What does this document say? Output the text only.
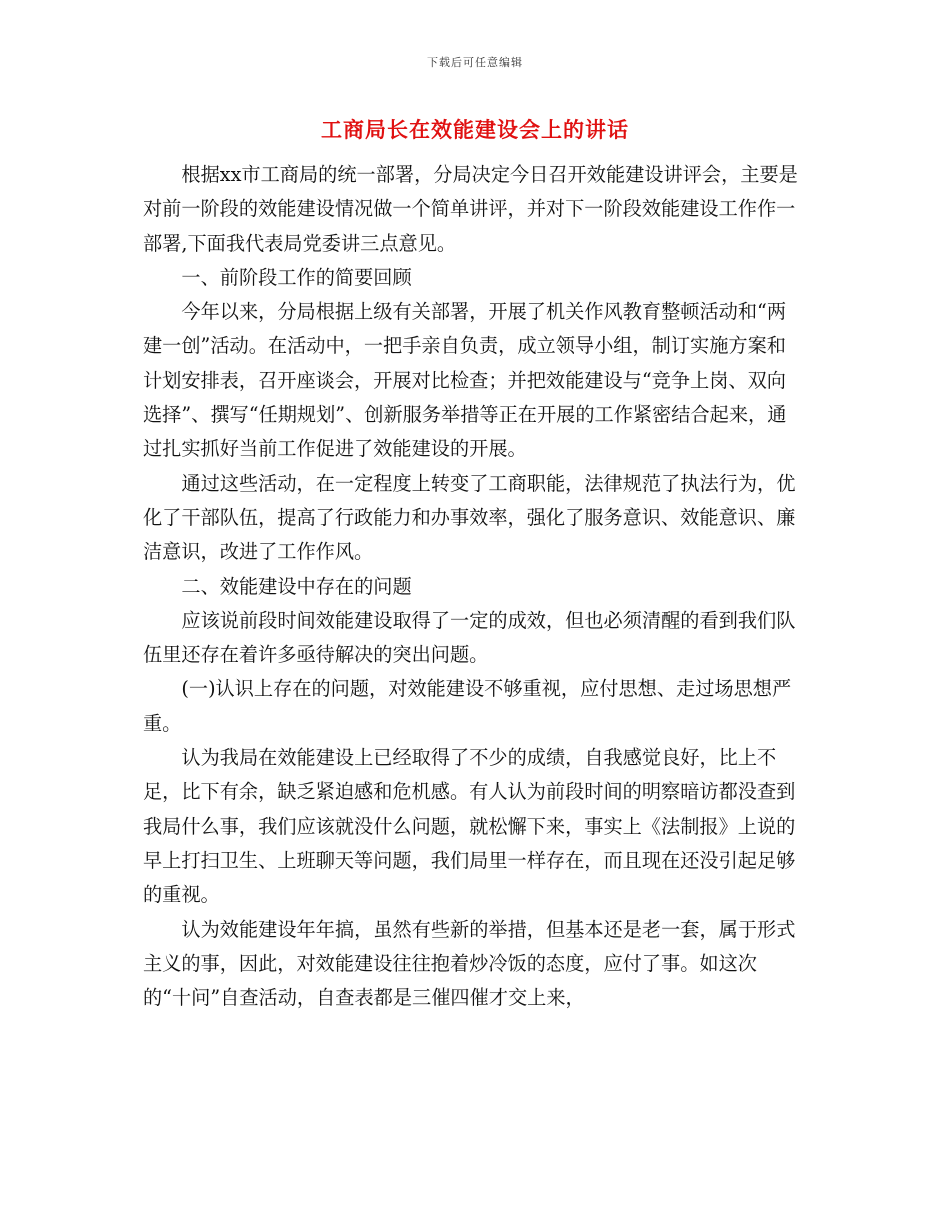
下载后可任意编辑
工商局长在效能建设会上的讲话

根据xx市工商局的统一部署，分局决定今日召开效能建设讲评会，主要是对前一阶段的效能建设情况做一个简单讲评，并对下一阶段效能建设工作作一部署,下面我代表局党委讲三点意见。

一、前阶段工作的简要回顾

今年以来，分局根据上级有关部署，开展了机关作风教育整顿活动和“两建一创”活动。在活动中，一把手亲自负责，成立领导小组，制订实施方案和计划安排表，召开座谈会，开展对比检查；并把效能建设与“竞争上岗、双向选择”、撰写“任期规划”、创新服务举措等正在开展的工作紧密结合起来，通过扎实抓好当前工作促进了效能建设的开展。

通过这些活动，在一定程度上转变了工商职能，法律规范了执法行为，优化了干部队伍，提高了行政能力和办事效率，强化了服务意识、效能意识、廉洁意识，改进了工作作风。

二、效能建设中存在的问题

应该说前段时间效能建设取得了一定的成效，但也必须清醒的看到我们队伍里还存在着许多亟待解决的突出问题。

(一)认识上存在的问题，对效能建设不够重视，应付思想、走过场思想严重。

认为我局在效能建设上已经取得了不少的成绩，自我感觉良好，比上不足，比下有余，缺乏紧迫感和危机感。有人认为前段时间的明察暗访都没查到我局什么事，我们应该就没什么问题，就松懈下来，事实上《法制报》上说的早上打扫卫生、上班聊天等问题，我们局里一样存在，而且现在还没引起足够的重视。

认为效能建设年年搞，虽然有些新的举措，但基本还是老一套，属于形式主义的事，因此，对效能建设往往抱着炒冷饭的态度，应付了事。如这次的“十问”自查活动，自查表都是三催四催才交上来，
